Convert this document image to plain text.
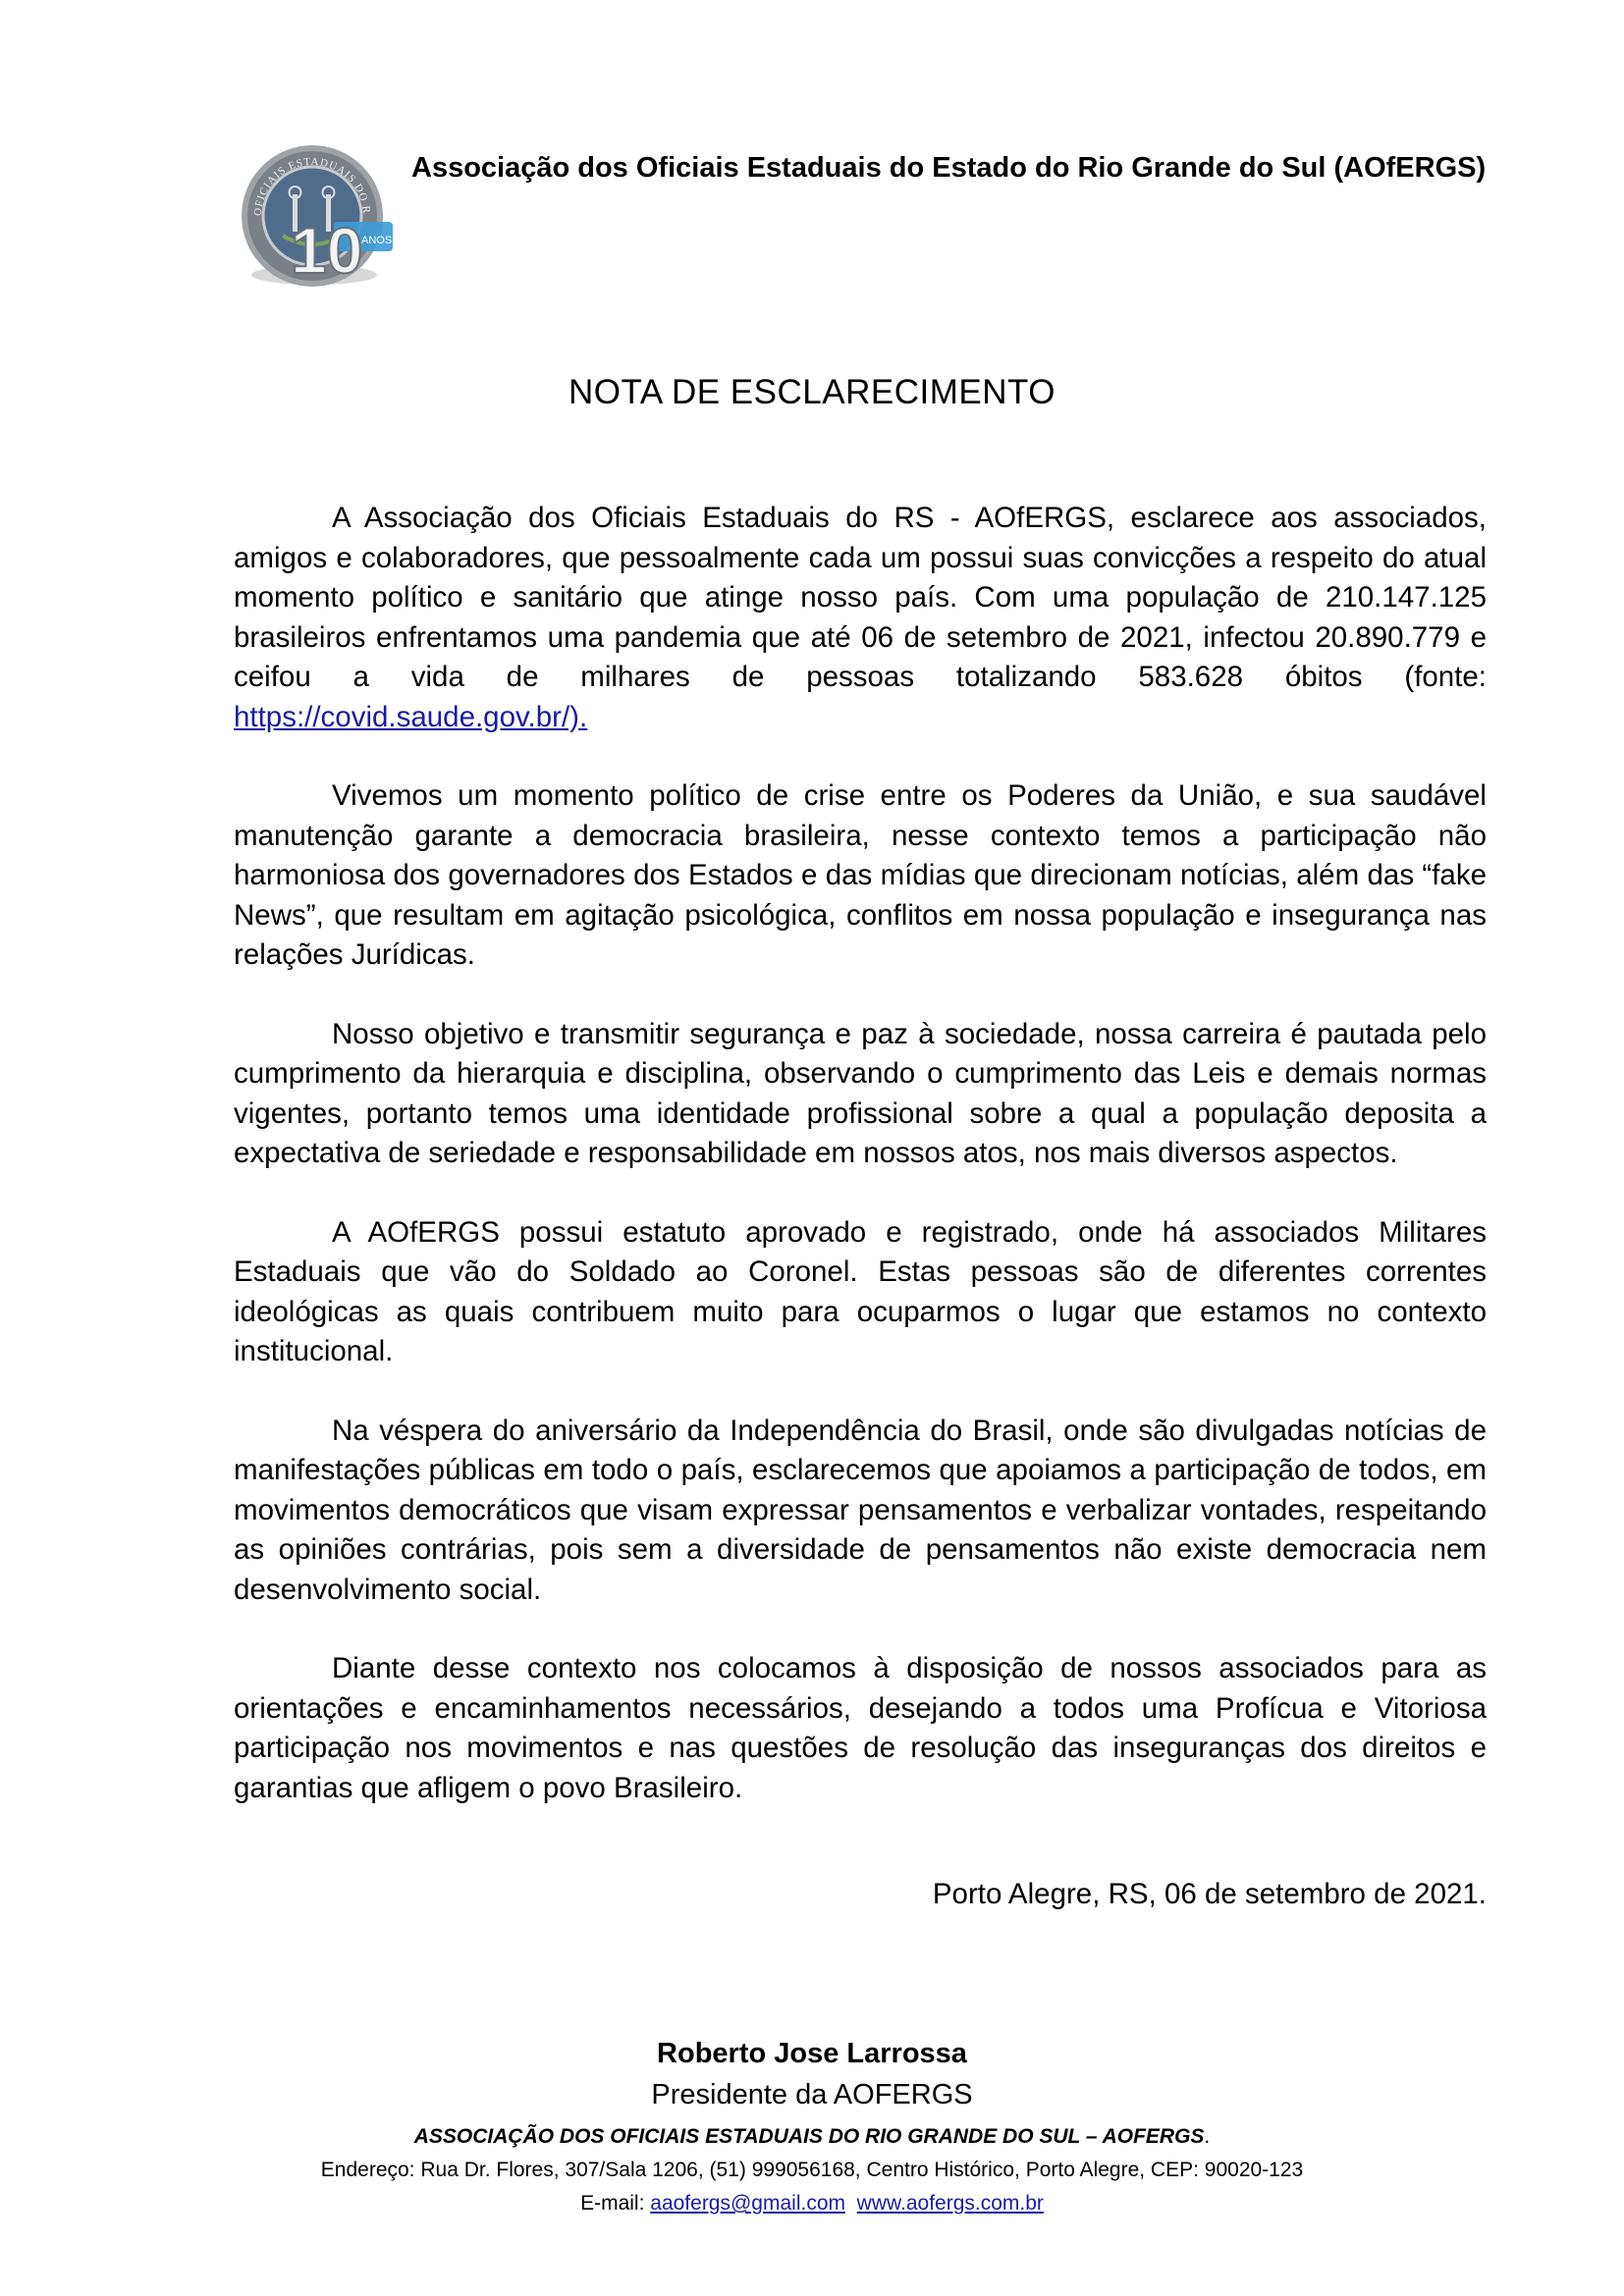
OFICIAIS ESTADUAIS DO R
10
ANOS
Associação dos Oficiais Estaduais do Estado do Rio Grande do Sul (AOfERGS)
NOTA DE ESCLARECIMENTO

A Associação dos Oficiais Estaduais do RS - AOfERGS, esclarece aos associados, amigos e colaboradores, que pessoalmente cada um possui suas convicções a respeito do atual momento político e sanitário que atinge nosso país. Com uma população de 210.147.125 brasileiros enfrentamos uma pandemia que até 06 de setembro de 2021, infectou 20.890.779 e ceifou a vida de milhares de pessoas totalizando 583.628 óbitos (fonte: https://covid.saude.gov.br/).

Vivemos um momento político de crise entre os Poderes da União, e sua saudável manutenção garante a democracia brasileira, nesse contexto temos a participação não harmoniosa dos governadores dos Estados e das mídias que direcionam notícias, além das “fake News”, que resultam em agitação psicológica, conflitos em nossa população e insegurança nas relações Jurídicas.

Nosso objetivo e transmitir segurança e paz à sociedade, nossa carreira é pautada pelo cumprimento da hierarquia e disciplina, observando o cumprimento das Leis e demais normas vigentes, portanto temos uma identidade profissional sobre a qual a população deposita a expectativa de seriedade e responsabilidade em nossos atos, nos mais diversos aspectos.

A AOfERGS possui estatuto aprovado e registrado, onde há associados Militares Estaduais que vão do Soldado ao Coronel. Estas pessoas são de diferentes correntes ideológicas as quais contribuem muito para ocuparmos o lugar que estamos no contexto institucional.

Na véspera do aniversário da Independência do Brasil, onde são divulgadas notícias de manifestações públicas em todo o país, esclarecemos que apoiamos a participação de todos, em movimentos democráticos que visam expressar pensamentos e verbalizar vontades, respeitando as opiniões contrárias, pois sem a diversidade de pensamentos não existe democracia nem desenvolvimento social.

Diante desse contexto nos colocamos à disposição de nossos associados para as orientações e encaminhamentos necessários, desejando a todos uma Profícua e Vitoriosa participação nos movimentos e nas questões de resolução das inseguranças dos direitos e garantias que afligem o povo Brasileiro.

Porto Alegre, RS, 06 de setembro de 2021.
Roberto Jose Larrossa
Presidente da AOFERGS
ASSOCIAÇÃO DOS OFICIAIS ESTADUAIS DO RIO GRANDE DO SUL – AOFERGS.
Endereço: Rua Dr. Flores, 307/Sala 1206, (51) 999056168, Centro Histórico, Porto Alegre, CEP: 90020-123
E-mail: aaofergs@gmail.com www.aofergs.com.br
